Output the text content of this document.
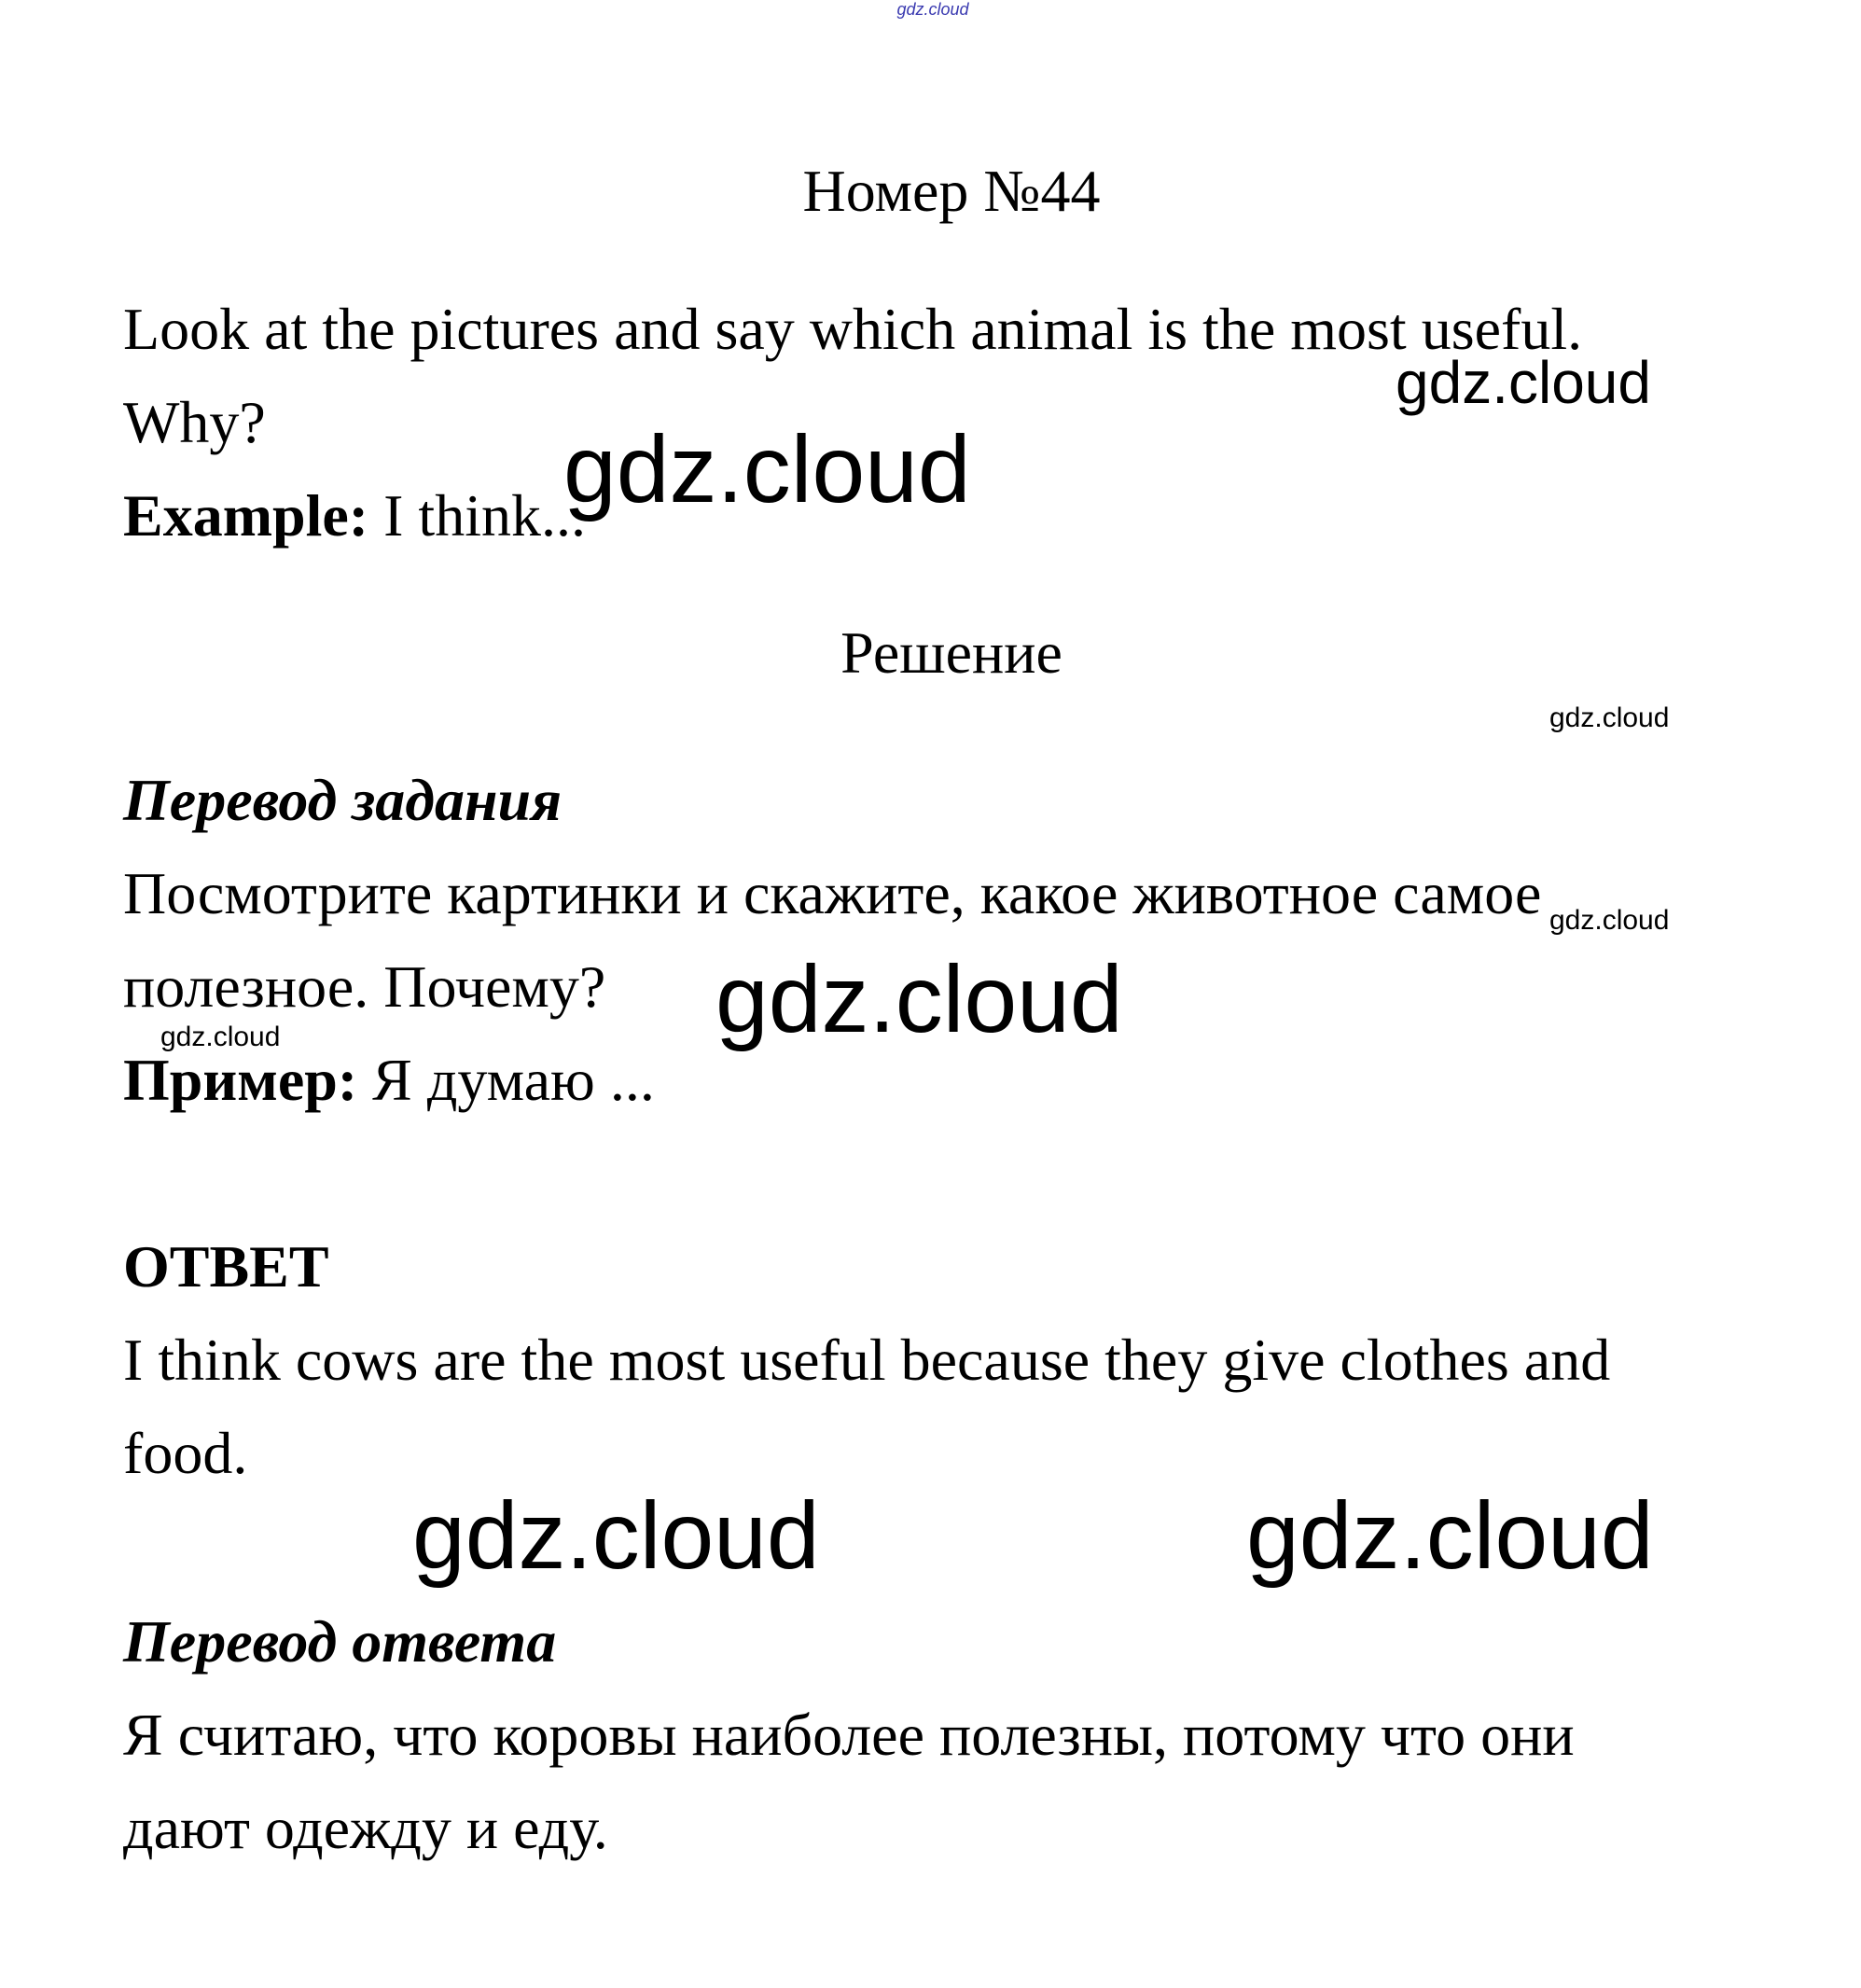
gdz.cloud
Номер №44
Look at the pictures and say which animal is the most useful.
Why?
Example: I think...
Решение
Перевод задания
Посмотрите картинки и скажите, какое животное самое
полезное. Почему?
Пример: Я думаю ...
ОТВЕТ
I think cows are the most useful because they give clothes and
food.
Перевод ответа
Я считаю, что коровы наиболее полезны, потому что они
дают одежду и еду.
gdz.cloud
gdz.cloud
gdz.cloud
gdz.cloud
gdz.cloud
gdz.cloud
gdz.cloud	gdz.cloud
